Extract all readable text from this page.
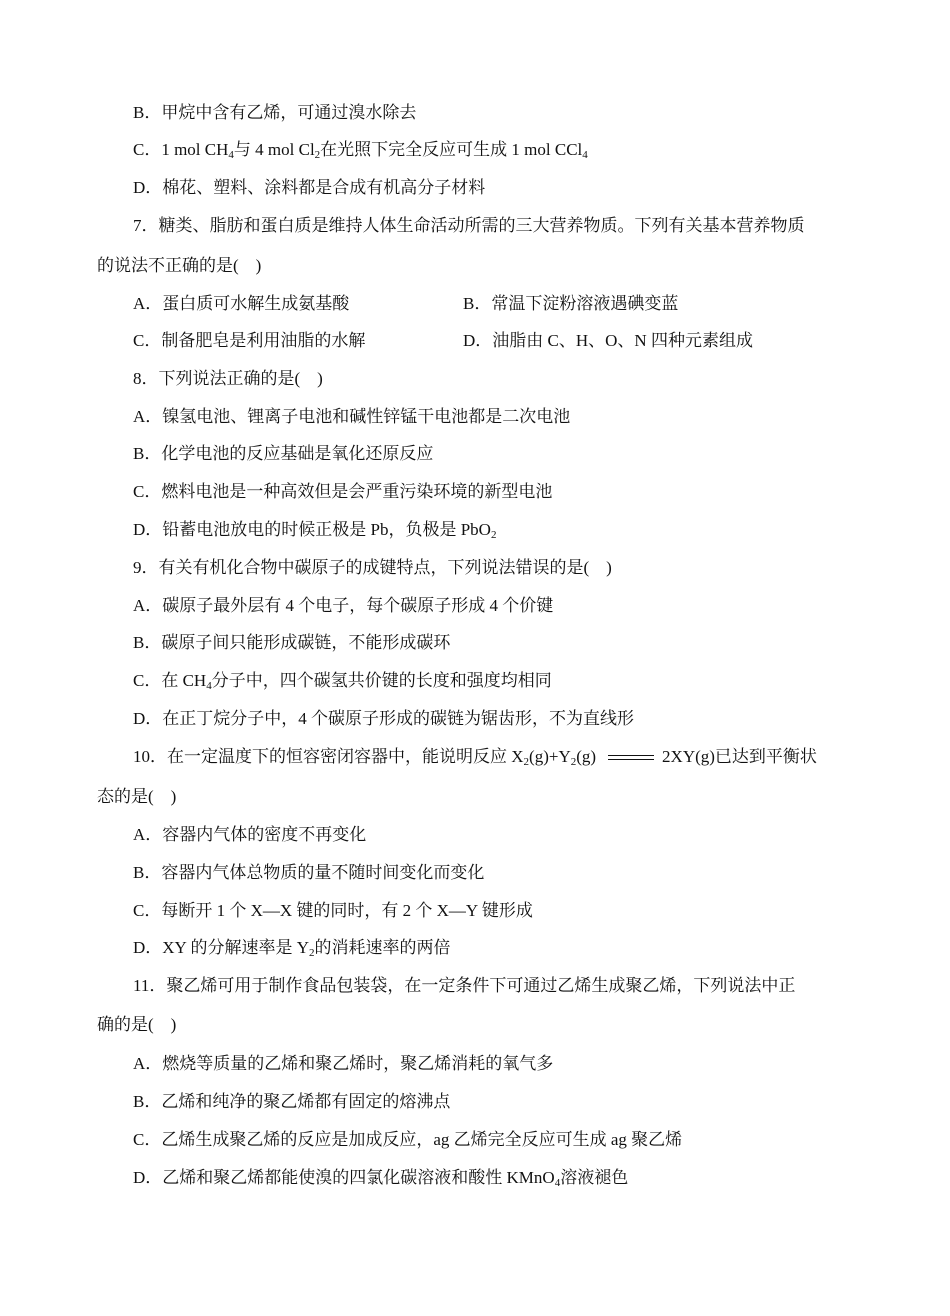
B．甲烷中含有乙烯，可通过溴水除去
C．1 mol $CH_4$与 4 mol $Cl_2$在光照下完全反应可生成 1 mol CCl$_4$
D．棉花、塑料、涂料都是合成有机高分子材料
7．糖类、脂肪和蛋白质是维持人体生命活动所需的三大营养物质。下列有关基本营养物质
的说法不正确的是(　)
A．蛋白质可水解生成氨基酸	B．常温下淀粉溶液遇碘变蓝
C．制备肥皂是利用油脂的水解	D．油脂由 C、H、O、N 四种元素组成
8．下列说法正确的是(　)
A．镍氢电池、锂离子电池和碱性锌锰干电池都是二次电池
B．化学电池的反应基础是氧化还原反应
C．燃料电池是一种高效但是会严重污染环境的新型电池
D．铅蓄电池放电的时候正极是 Pb，负极是 PbO$_2$
9．有关有机化合物中碳原子的成键特点，下列说法错误的是(　)
A．碳原子最外层有 4 个电子，每个碳原子形成 4 个价键
B．碳原子间只能形成碳链，不能形成碳环
C．在 $CH_4$分子中，四个碳氢共价键的长度和强度均相同
D．在正丁烷分子中，4 个碳原子形成的碳链为锯齿形，不为直线形
10．在一定温度下的恒容密闭容器中，能说明反应 $X_2(g)+Y_2(g)$	2XY(g)已达到平衡状
态的是(　)
A．容器内气体的密度不再变化
B．容器内气体总物质的量不随时间变化而变化
C．每断开 1 个 X—X 键的同时，有 2 个 X—Y 键形成
D．XY 的分解速率是 $Y_2$的消耗速率的两倍
11．聚乙烯可用于制作食品包装袋，在一定条件下可通过乙烯生成聚乙烯，下列说法中正
确的是(　)
A．燃烧等质量的乙烯和聚乙烯时，聚乙烯消耗的氧气多
B．乙烯和纯净的聚乙烯都有固定的熔沸点
C．乙烯生成聚乙烯的反应是加成反应，ag 乙烯完全反应可生成 ag 聚乙烯
D．乙烯和聚乙烯都能使溴的四氯化碳溶液和酸性 KMnO$_4$溶液褪色
